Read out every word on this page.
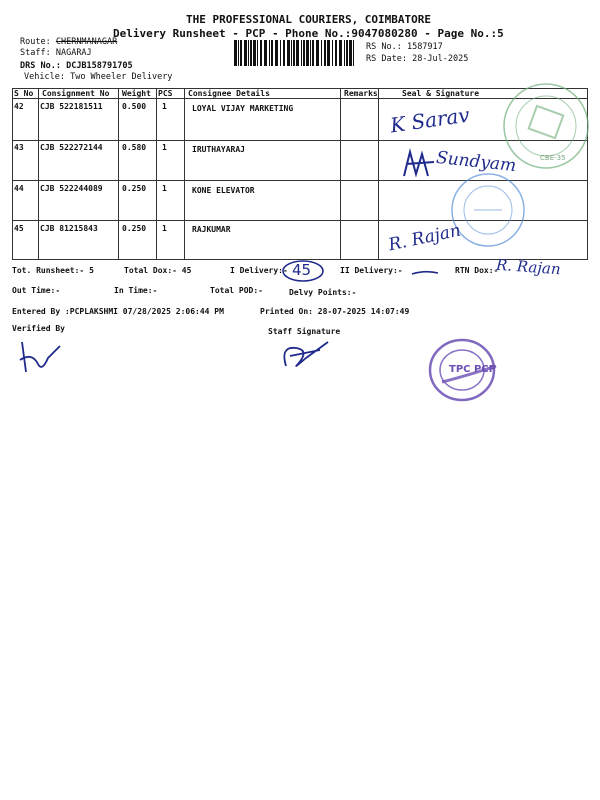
THE PROFESSIONAL COURIERS, COIMBATORE
Delivery Runsheet - PCP - Phone No.:9047080280 - Page No.:5
Route: CHERNMANAGAR
Staff: NAGARAJ
DRS No.: DCJB158791705
Vehicle: Two Wheeler Delivery
RS No.: 1587917
RS Date: 28-Jul-2025
S No Consignment No Weight PCS Consignee Details	Remarks	Seal & Signature
42 CJB 522181511 0.500 1	LOYAL VIJAY MARKETING
43 CJB 522272144 0.580 1	IRUTHAYARAJ
44 CJB 522244089 0.250 1	KONE ELEVATOR
45 CJB 81215843	0.250 1	RAJKUMAR
CBE-35
K Sarav
Sundyam
R. Rajan
Tot. Runsheet:- 5	Total Dox:- 45	I Delivery:- 45	II Delivery:-	RTN Dox:-
R. Rajan
Out Time:-	In Time:-	Total POD:-	Delvy Points:-
Entered By :PCPLAKSHMI 07/28/2025 2:06:44 PM	Printed On: 28-07-2025 14:07:49
Verified By	Staff Signature
TPC PCP
